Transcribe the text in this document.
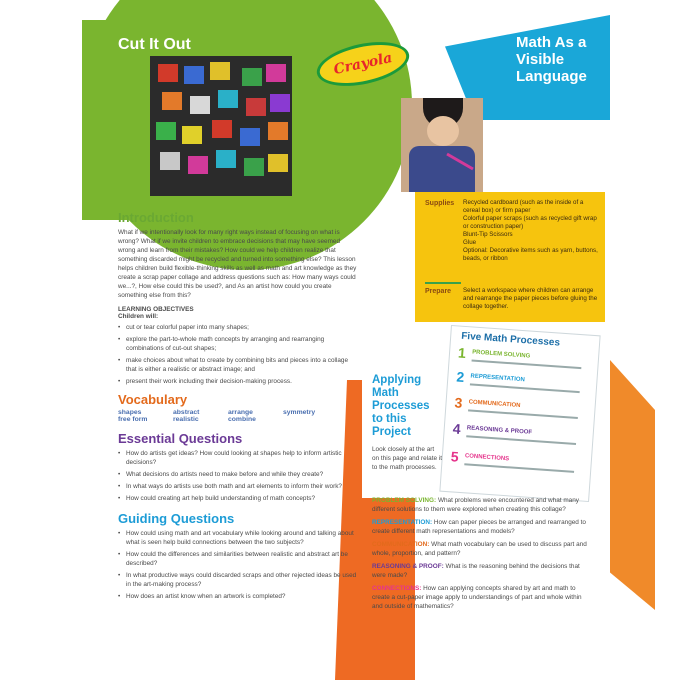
Cut It Out	Math As a Visible Language
Crayola
Supplies Recycled cardboard (such as the inside of a cereal box) or firm paper
Colorful paper scraps (such as recycled gift wrap or construction paper)
Blunt-Tip Scissors
Glue
Optional: Decorative items such as yarn, buttons, beads, or ribbon
Prepare Select a workspace where children can arrange and rearrange the paper pieces before gluing the collage together.
Five Math Processes
1 PROBLEM SOLVING
2 REPRESENTATION
3 COMMUNICATION
4 REASONING & PROOF
5 CONNECTIONS
Applying Math Processes to this Project
Look closely at the art on this page and relate it to the math processes.
PROBLEM SOLVING: What problems were encountered and what many different solutions to them were explored when creating this collage?
REPRESENTATION: How can paper pieces be arranged and rearranged to create different math representations and models?
COMMUNICATION: What math vocabulary can be used to discuss part and whole, proportion, and pattern?
REASONING & PROOF: What is the reasoning behind the decisions that were made?
CONNECTIONS: How can applying concepts shared by art and math to create a cut-paper image apply to understandings of part and whole within and outside of mathematics?
Introduction
What if we intentionally look for many right ways instead of focusing on what is wrong? What if we invite children to embrace decisions that may have seemed wrong and learn from their mistakes? How could we help children realize that something discarded might be recycled and turned into something else? This lesson helps children build flexible-thinking skills as well as math and art knowledge as they create a scrap paper collage and address questions such as: How many ways could we...?, How else could this be used?, and As an artist how could you create something else from this?
LEARNING OBJECTIVES
Children will:
• cut or tear colorful paper into many shapes;
• explore the part-to-whole math concepts by arranging and rearranging combinations of cut-out shapes;
• make choices about what to create by combining bits and pieces into a collage that is either a realistic or abstract image; and
• present their work including their decision-making process.
Vocabulary
shapes	abstract	arrange	symmetry
free form	realistic	combine
Essential Questions
• How do artists get ideas? How could looking at shapes help to inform artistic decisions?
• What decisions do artists need to make before and while they create?
• In what ways do artists use both math and art elements to inform their work?
• How could creating art help build understanding of math concepts?
Guiding Questions
• How could using math and art vocabulary while looking around and talking about what is seen help build connections between the two subjects?
• How could the differences and similarities between realistic and abstract art be described?
• In what productive ways could discarded scraps and other rejected ideas be used in the art-making process?
• How does an artist know when an artwork is completed?
